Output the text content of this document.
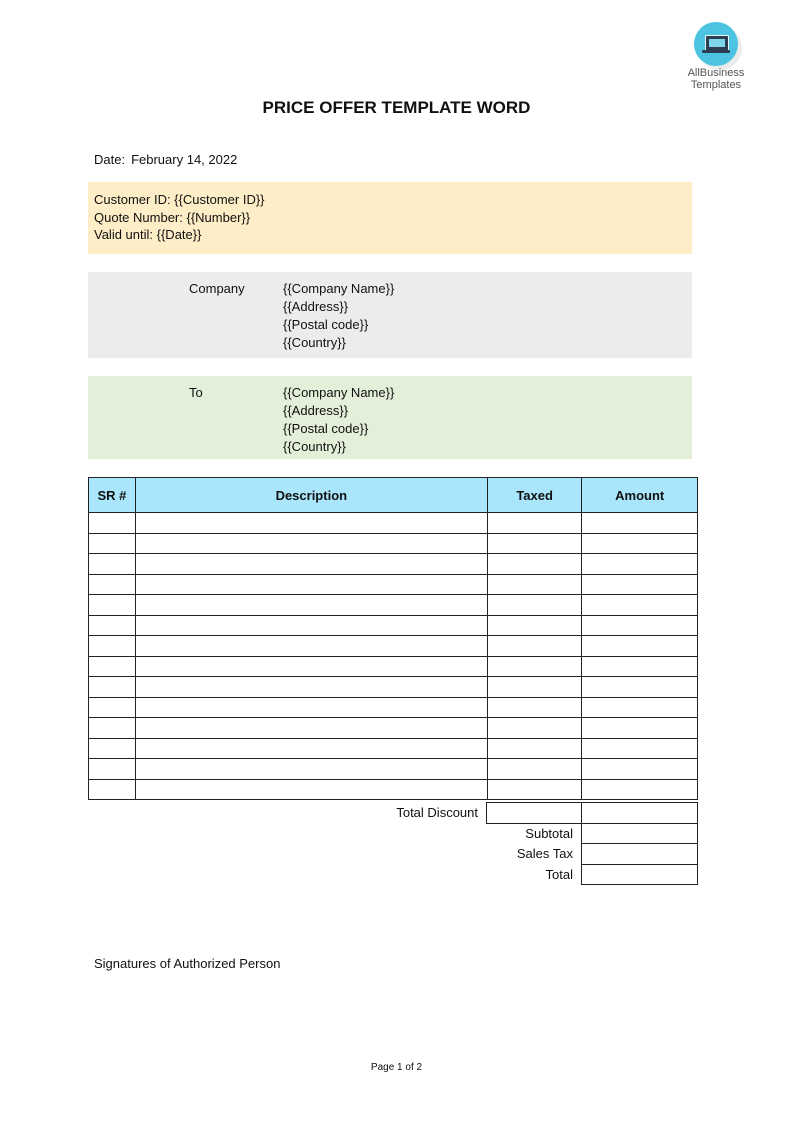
AllBusiness
Templates
PRICE OFFER TEMPLATE WORD
Date: February 14, 2022
Customer ID: {{Customer ID}}
Quote Number: {{Number}}
Valid until: {{Date}}
Company	{{Company Name}}
{{Address}}
{{Postal code}}
{{Country}}
To	{{Company Name}}
{{Address}}
{{Postal code}}
{{Country}}
SR #	Description	Taxed	Amount

Total Discount		
	Subtotal	
	Sales Tax	
	Total	
Signatures of Authorized Person
Page 1 of 2
